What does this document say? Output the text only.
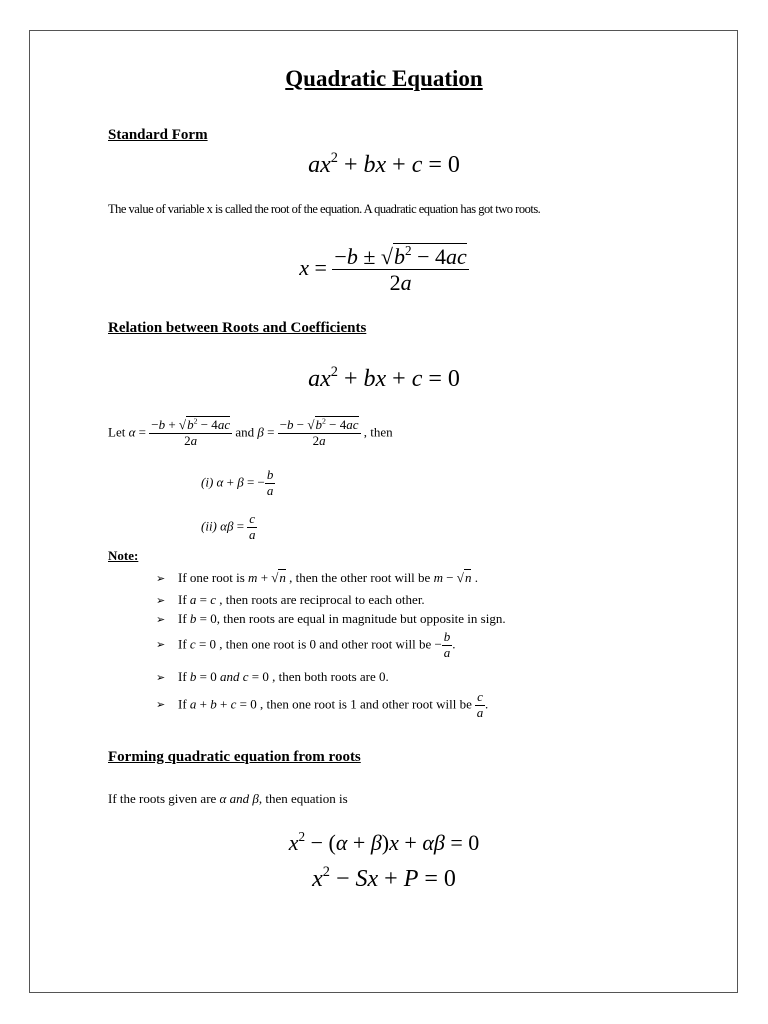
Quadratic Equation
Standard Form
$ax^2$ + bx + c = 0
The value of variable x is called the root of the equation. A quadratic equation has got two roots.
$x = \frac{-b \pm √b^2 - 4ac}{2a}$
Relation between Roots and Coefficients
$ax^2$ + bx + c = 0
Let $\alpha = \frac{-b + √b^2 - 4ac}{2a}$ and $\beta = \frac{-b - √b^2 - 4ac}{2a}$ , then
(i) α + β = − $\frac{b}{a}$
(ii) $\alpha\beta = \frac{c}{a}$
Note:
➢ If one root is m + √n , then the other root will be m − √n .
➢ If a = c , then roots are reciprocal to each other.
➢ If b = 0, then roots are equal in magnitude but opposite in sign.
➢ If c = 0 , then one root is 0 and other root will be − $\frac{b}{a}$ .
➢ If b = 0 and c = 0 , then both roots are 0.
➢ If a + b + c = 0 , then one root is 1 and other root will be $\frac{c}{a}$ .
Forming quadratic equation from roots
If the roots given are α and β, then equation is
$x^2 - (\alpha + \beta)x + \alpha\beta = 0$
$x^2 - Sx + P = 0$
